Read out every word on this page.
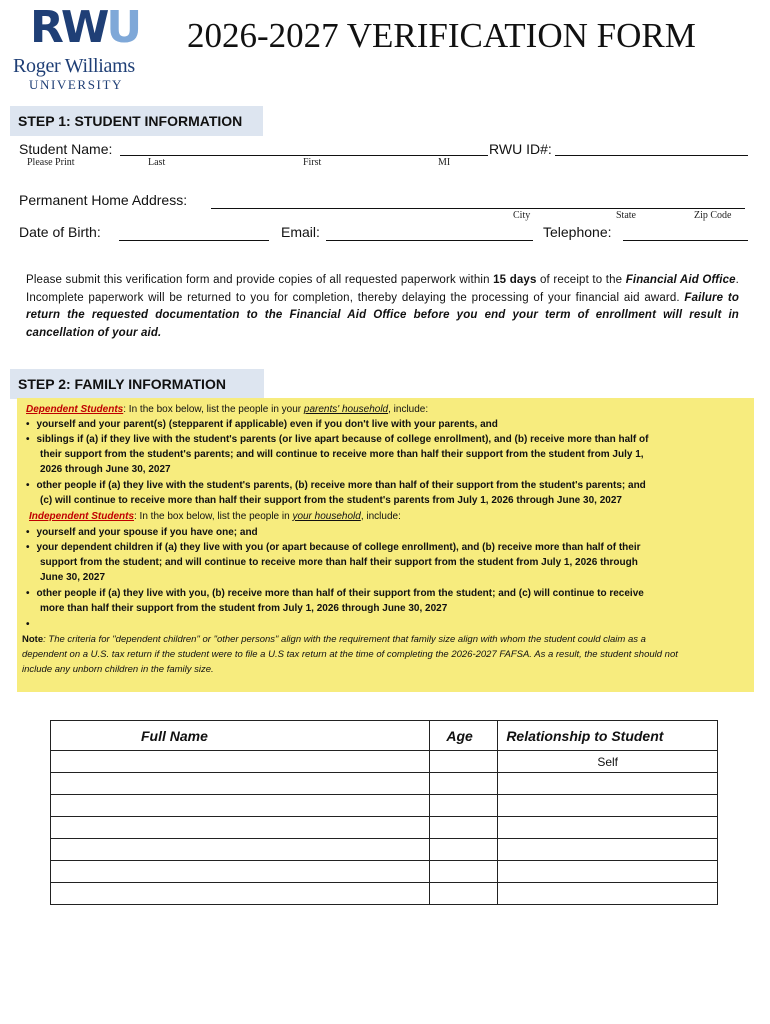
RWU
Roger Williams
UNIVERSITY
2026-2027 VERIFICATION FORM
STEP 1: STUDENT INFORMATION
Student Name:
Please Print	Last	First	MI
RWU ID#:
Permanent Home Address:
City	State	Zip Code
Date of Birth:	Email:	Telephone:
Please submit this verification form and provide copies of all requested paperwork within 15 days of receipt to the Financial Aid Office. Incomplete paperwork will be returned to you for completion, thereby delaying the processing of your financial aid award. Failure to return the requested documentation to the Financial Aid Office before you end your term of enrollment will result in cancellation of your aid.
STEP 2: FAMILY INFORMATION
Dependent Students: In the box below, list the people in your parents' household, include:
• yourself and your parent(s) (stepparent if applicable) even if you don't live with your parents, and
• siblings if (a) if they live with the student's parents (or live apart because of college enrollment), and (b) receive more than half of
their support from the student's parents; and will continue to receive more than half their support from the student from July 1,
2026 through June 30, 2027
• other people if (a) they live with the student's parents, (b) receive more than half of their support from the student's parents; and
(c) will continue to receive more than half their support from the student's parents from July 1, 2026 through June 30, 2027
Independent Students: In the box below, list the people in your household, include:
• yourself and your spouse if you have one; and
• your dependent children if (a) they live with you (or apart because of college enrollment), and (b) receive more than half of their
support from the student; and will continue to receive more than half their support from the student from July 1, 2026 through
June 30, 2027
• other people if (a) they live with you, (b) receive more than half of their support from the student; and (c) will continue to receive
more than half their support from the student from July 1, 2026 through June 30, 2027
•
Note: The criteria for "dependent children" or "other persons" align with the requirement that family size align with whom the student could claim as a
dependent on a U.S. tax return if the student were to file a U.S tax return at the time of completing the 2026-2027 FAFSA. As a result, the student should not
include any unborn children in the family size.
Full Name	Age	Relationship to Student
		Self
